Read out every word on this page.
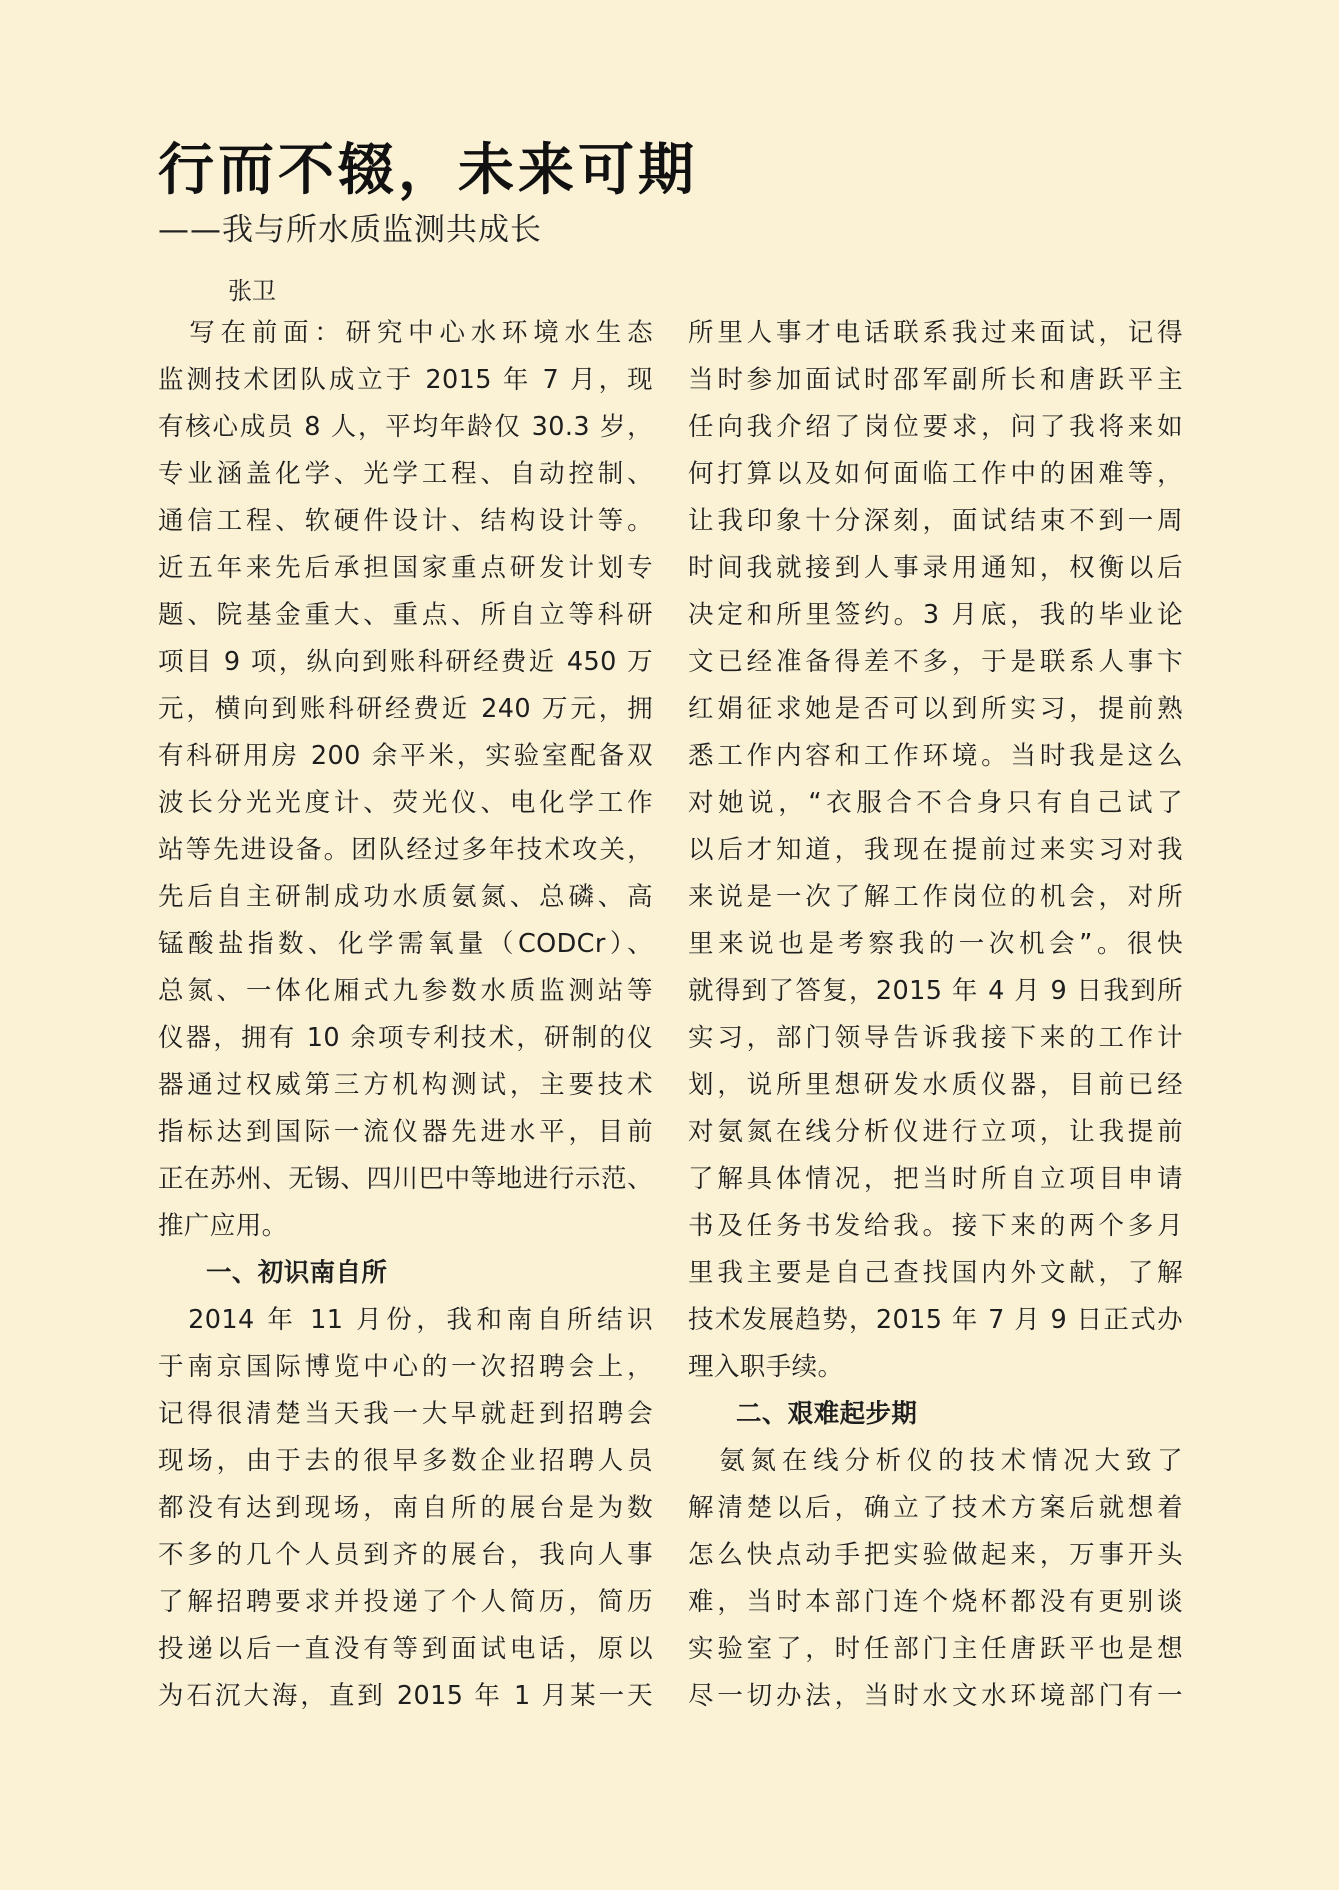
行而不辍，未来可期
——我与所水质监测共成长
张卫
　写在前面：研究中心水环境水生态
监测技术团队成立于 2015 年 7 月，现
有核心成员 8 人，平均年龄仅 30.3 岁，
专业涵盖化学、光学工程、自动控制、
通信工程、软硬件设计、结构设计等。
近五年来先后承担国家重点研发计划专
题、院基金重大、重点、所自立等科研
项目 9 项，纵向到账科研经费近 450 万
元，横向到账科研经费近 240 万元，拥
有科研用房 200 余平米，实验室配备双
波长分光光度计、荧光仪、电化学工作
站等先进设备。团队经过多年技术攻关，
先后自主研制成功水质氨氮、总磷、高
锰酸盐指数、化学需氧量（CODCr）、
总氮、一体化厢式九参数水质监测站等
仪器，拥有 10 余项专利技术，研制的仪
器通过权威第三方机构测试，主要技术
指标达到国际一流仪器先进水平，目前
正在苏州、无锡、四川巴中等地进行示范、
推广应用。
一、初识南自所
　2014 年 11 月份，我和南自所结识
于南京国际博览中心的一次招聘会上，
记得很清楚当天我一大早就赶到招聘会
现场，由于去的很早多数企业招聘人员
都没有达到现场，南自所的展台是为数
不多的几个人员到齐的展台，我向人事
了解招聘要求并投递了个人简历，简历
投递以后一直没有等到面试电话，原以
为石沉大海，直到 2015 年 1 月某一天
所里人事才电话联系我过来面试，记得
当时参加面试时邵军副所长和唐跃平主
任向我介绍了岗位要求，问了我将来如
何打算以及如何面临工作中的困难等，
让我印象十分深刻，面试结束不到一周
时间我就接到人事录用通知，权衡以后
决定和所里签约。3 月底，我的毕业论
文已经准备得差不多，于是联系人事卞
红娟征求她是否可以到所实习，提前熟
悉工作内容和工作环境。当时我是这么
对她说，“衣服合不合身只有自己试了
以后才知道，我现在提前过来实习对我
来说是一次了解工作岗位的机会，对所
里来说也是考察我的一次机会”。很快
就得到了答复，2015 年 4 月 9 日我到所
实习，部门领导告诉我接下来的工作计
划，说所里想研发水质仪器，目前已经
对氨氮在线分析仪进行立项，让我提前
了解具体情况，把当时所自立项目申请
书及任务书发给我。接下来的两个多月
里我主要是自己查找国内外文献，了解
技术发展趋势，2015 年 7 月 9 日正式办
理入职手续。
二、艰难起步期
　氨氮在线分析仪的技术情况大致了
解清楚以后，确立了技术方案后就想着
怎么快点动手把实验做起来，万事开头
难，当时本部门连个烧杯都没有更别谈
实验室了，时任部门主任唐跃平也是想
尽一切办法，当时水文水环境部门有一
